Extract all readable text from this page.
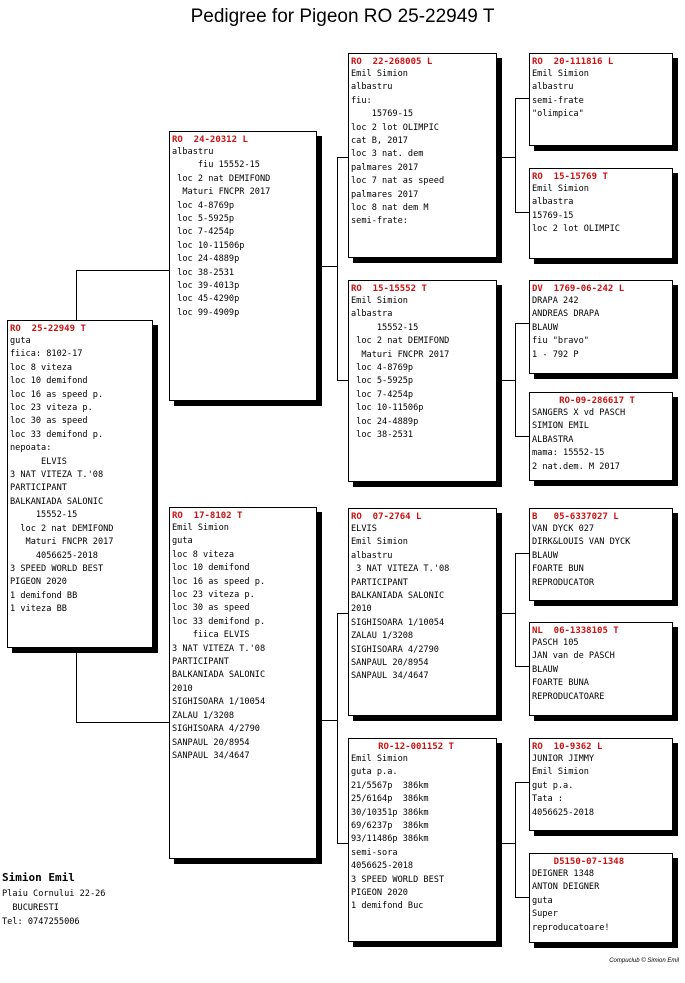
Pedigree for Pigeon RO 25-22949 T
RO  25-22949 T
guta
fiica: 8102-17
loc 8 viteza
loc 10 demifond
loc 16 as speed p.
loc 23 viteza p.
loc 30 as speed
loc 33 demifond p.
nepoata:
ELVIS
3 NAT VITEZA T.'08
PARTICIPANT
BALKANIADA SALONIC
15552-15
loc 2 nat DEMIFOND
Maturi FNCPR 2017
4056625-2018
3 SPEED WORLD BEST
PIGEON 2020
1 demifond BB
1 viteza BB
RO  24-20312 L
albastru
fiu 15552-15
loc 2 nat DEMIFOND
Maturi FNCPR 2017
loc 4-8769p
loc 5-5925p
loc 7-4254p
loc 10-11506p
loc 24-4889p
loc 38-2531
loc 39-4013p
loc 45-4290p
loc 99-4909p
RO  17-8102 T
Emil Simion
guta
loc 8 viteza
loc 10 demifond
loc 16 as speed p.
loc 23 viteza p.
loc 30 as speed
loc 33 demifond p.
fiica ELVIS
3 NAT VITEZA T.'08
PARTICIPANT
BALKANIADA SALONIC
2010
SIGHISOARA 1/10054
ZALAU 1/3208
SIGHISOARA 4/2790
SANPAUL 20/8954
SANPAUL 34/4647
RO  22-268005 L
Emil Simion
albastru
fiu:
15769-15
loc 2 lot OLIMPIC
cat B, 2017
loc 3 nat. dem
palmares 2017
loc 7 nat as speed
palmares 2017
loc 8 nat dem M
semi-frate:
RO  15-15552 T
Emil Simion
albastra
15552-15
loc 2 nat DEMIFOND
Maturi FNCPR 2017
loc 4-8769p
loc 5-5925p
loc 7-4254p
loc 10-11506p
loc 24-4889p
loc 38-2531
RO  07-2764 L
ELVIS
Emil Simion
albastru
3 NAT VITEZA T.'08
PARTICIPANT
BALKANIADA SALONIC
2010
SIGHISOARA 1/10054
ZALAU 1/3208
SIGHISOARA 4/2790
SANPAUL 20/8954
SANPAUL 34/4647
RO-12-001152 T
Emil Simion
guta p.a.
21/5567p  386km
25/6164p  386km
30/10351p 386km
69/6237p  386km
93/11486p 386km
semi-sora
4056625-2018
3 SPEED WORLD BEST
PIGEON 2020
1 demifond Buc
RO  20-111816 L
Emil Simion
albastru
semi-frate
"olimpica"
RO  15-15769 T
Emil Simion
albastra
15769-15
loc 2 lot OLIMPIC
DV  1769-06-242 L
DRAPA 242
ANDREAS DRAPA
BLAUW
fiu "bravo"
1 - 792 P
RO-09-286617 T
SANGERS X vd PASCH
SIMION EMIL
ALBASTRA
mama: 15552-15
2 nat.dem. M 2017
B   05-6337027 L
VAN DYCK 027
DIRK&LOUIS VAN DYCK
BLAUW
FOARTE BUN
REPRODUCATOR
NL  06-1338105 T
PASCH 105
JAN van de PASCH
BLAUW
FOARTE BUNA
REPRODUCATOARE
RO  10-9362 L
JUNIOR JIMMY
Emil Simion
gut p.a.
Tata :
4056625-2018
D5150-07-1348
DEIGNER 1348
ANTON DEIGNER
guta
Super
reproducatoare!
Simion Emil
Plaiu Cornului 22-26
BUCURESTI
Tel: 0747255006
Compuclub © Simion Emil
